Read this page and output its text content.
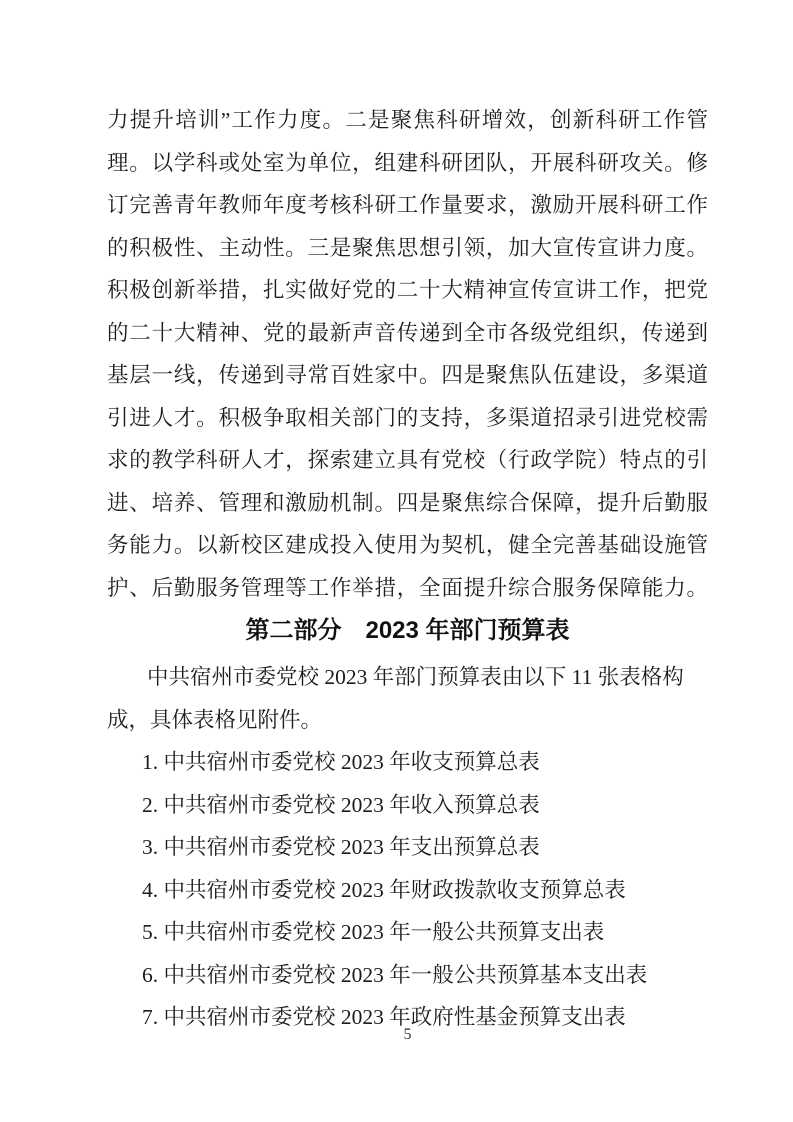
力提升培训”工作力度。二是聚焦科研增效，创新科研工作管
理。以学科或处室为单位，组建科研团队，开展科研攻关。修
订完善青年教师年度考核科研工作量要求，激励开展科研工作
的积极性、主动性。三是聚焦思想引领，加大宣传宣讲力度。
积极创新举措，扎实做好党的二十大精神宣传宣讲工作，把党
的二十大精神、党的最新声音传递到全市各级党组织，传递到
基层一线，传递到寻常百姓家中。四是聚焦队伍建设，多渠道
引进人才。积极争取相关部门的支持，多渠道招录引进党校需
求的教学科研人才，探索建立具有党校（行政学院）特点的引
进、培养、管理和激励机制。四是聚焦综合保障，提升后勤服
务能力。以新校区建成投入使用为契机，健全完善基础设施管
护、后勤服务管理等工作举措，全面提升综合服务保障能力。
第二部分　2023 年部门预算表
中共宿州市委党校 2023 年部门预算表由以下 11 张表格构
成，具体表格见附件。
1. 中共宿州市委党校 2023 年收支预算总表
2. 中共宿州市委党校 2023 年收入预算总表
3. 中共宿州市委党校 2023 年支出预算总表
4. 中共宿州市委党校 2023 年财政拨款收支预算总表
5. 中共宿州市委党校 2023 年一般公共预算支出表
6. 中共宿州市委党校 2023 年一般公共预算基本支出表
7. 中共宿州市委党校 2023 年政府性基金预算支出表
5
